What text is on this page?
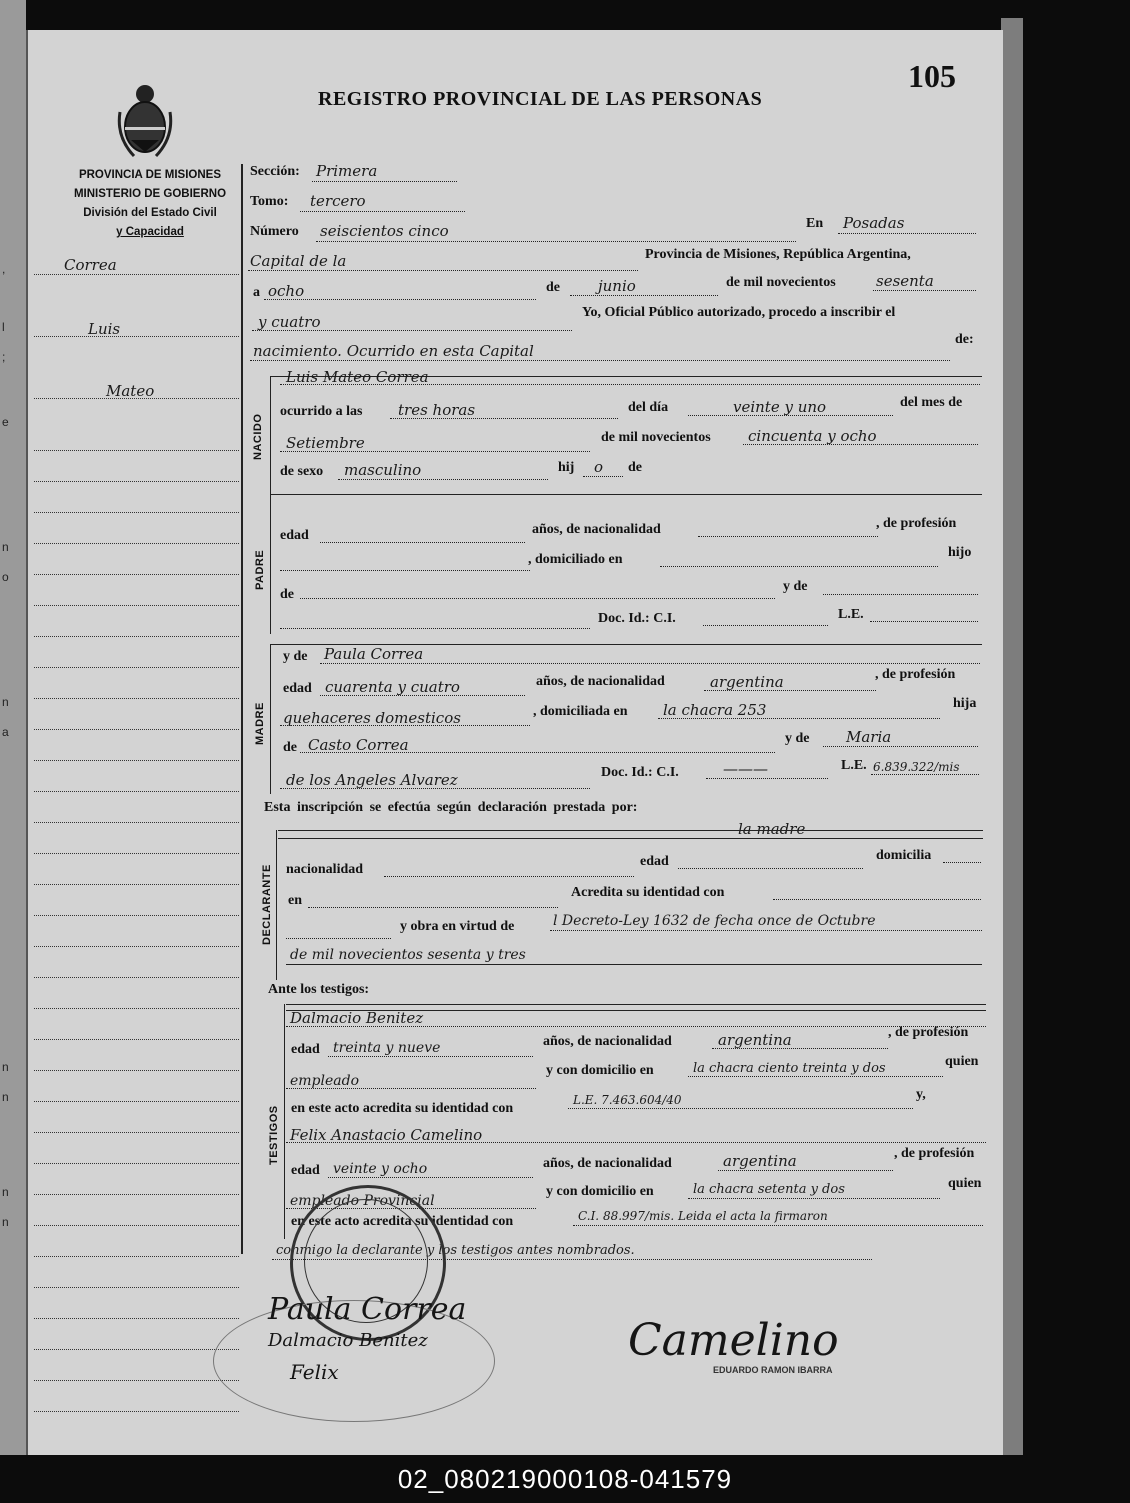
,
l
;
e
n
o
n
a
n
n
n
n
REGISTRO PROVINCIAL DE LAS PERSONAS
105
PROVINCIA DE MISIONES
MINISTERIO DE GOBIERNO
División del Estado Civil
y Capacidad
Correa
Luis
Mateo
Sección: Primera
Tomo: tercero
Número seiscientos cinco	En Posadas
Capital de la	Provincia de Misiones, República Argentina,
a ocho	de	junio	de mil novecientos	sesenta
y cuatro
Yo, Oficial Público autorizado, procedo a inscribir el
nacimiento. Ocurrido en esta Capital
de:
NACIDO
Luis Mateo Correa
ocurrido a las tres horas	del día	veinte y uno	del mes de
Setiembre	de mil novecientos cincuenta y ocho
de sexo masculino	hij o de
PADRE
edad	años, de nacionalidad	, de profesión
, domiciliado en	hijo
de
y de
Doc. Id.: C.I.	L.E.
MADRE
y de Paula Correa
edad cuarenta y cuatro	años, de nacionalidad	argentina	, de profesión
quehaceres domesticos	, domiciliada en la chacra 253	hija
de Casto Correa	y de Maria
de los Angeles Alvarez	Doc. Id.: C.I.	———	L.E. 6.839.322/mis
Esta inscripción se efectúa según declaración prestada por:
la madre
DECLARANTE nacionalidad
edad	domicilia
en
Acredita su identidad con
y obra en virtud de	l Decreto-Ley 1632 de fecha once de Octubre
de mil novecientos sesenta y tres
Ante los testigos:
TESTIGOS
Dalmacio Benitez
edad treinta y nueve	años, de nacionalidad	argentina	, de profesión
empleado
y con domicilio en	la chacra ciento treinta y dos	quien
en este acto acredita su identidad con
L.E. 7.463.604/40	y,
Felix Anastacio Camelino
edad veinte y ocho	años, de nacionalidad	argentina	, de profesión
empleado Provincial
y con domicilio en	la chacra setenta y dos	quien
en este acto acredita su identidad con	C.I. 88.997/mis. Leida el acta la firmaron
conmigo la declarante y los testigos antes nombrados.
Paula Correa
Dalmacio Benitez
Felix
Camelino
EDUARDO RAMON IBARRA
02_080219000108-041579
